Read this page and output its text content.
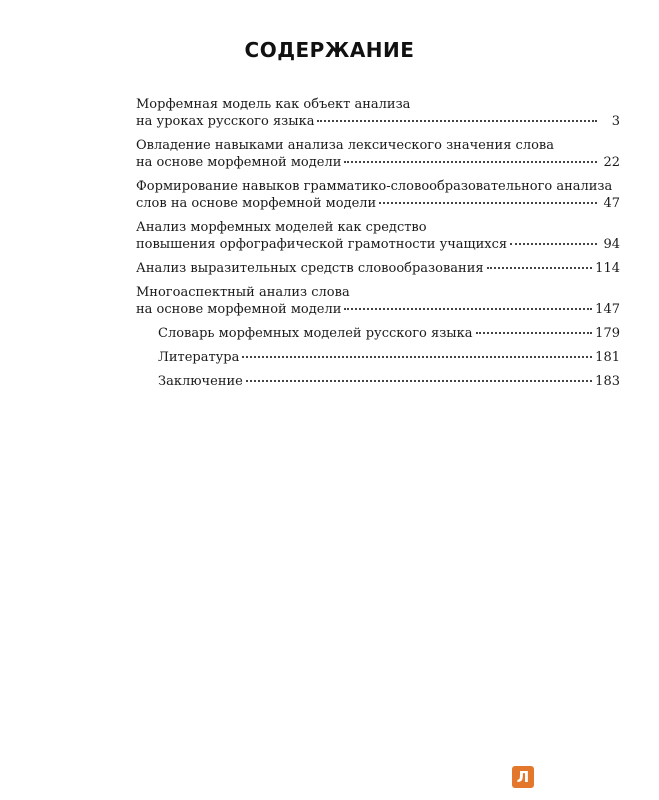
СОДЕРЖАНИЕ
Морфемная модель как объект анализа
на уроках русского языка	3
Овладение навыками анализа лексического значения слова
на основе морфемной модели	22
Формирование навыков грамматико-словообразовательного анализа
слов на основе морфемной модели	47
Анализ морфемных моделей как средство
повышения орфографической грамотности учащихся	94
Анализ выразительных средств словообразования	114
Многоаспектный анализ слова
на основе морфемной модели	147
Словарь морфемных моделей русского языка	179
Литература	181
Заключение	183
Л
